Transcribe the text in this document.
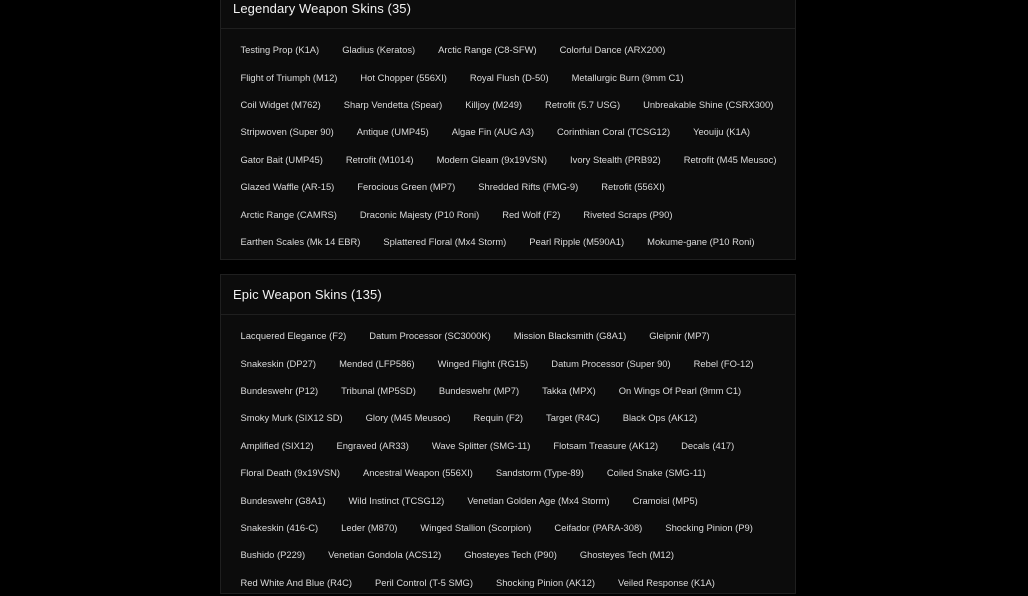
Legendary Weapon Skins (35)
Testing Prop (K1A)	Gladius (Keratos)	Arctic Range (C8-SFW)	Colorful Dance (ARX200)
Flight of Triumph (M12)	Hot Chopper (556XI)	Royal Flush (D-50)	Metallurgic Burn (9mm C1)
Coil Widget (M762)	Sharp Vendetta (Spear)	Killjoy (M249)	Retrofit (5.7 USG)	Unbreakable Shine (CSRX300)
Stripwoven (Super 90)	Antique (UMP45)	Algae Fin (AUG A3)	Corinthian Coral (TCSG12)	Yeouiju (K1A)
Gator Bait (UMP45)	Retrofit (M1014)	Modern Gleam (9x19VSN)	Ivory Stealth (PRB92)	Retrofit (M45 Meusoc)
Glazed Waffle (AR-15)	Ferocious Green (MP7)	Shredded Rifts (FMG-9)	Retrofit (556XI)
Arctic Range (CAMRS)	Draconic Majesty (P10 Roni)	Red Wolf (F2)	Riveted Scraps (P90)
Earthen Scales (Mk 14 EBR)	Splattered Floral (Mx4 Storm)	Pearl Ripple (M590A1)	Mokume-gane (P10 Roni)
Epic Weapon Skins (135)
Lacquered Elegance (F2)	Datum Processor (SC3000K)	Mission Blacksmith (G8A1)	Gleipnir (MP7)
Snakeskin (DP27)	Mended (LFP586)	Winged Flight (RG15)	Datum Processor (Super 90)	Rebel (FO-12)
Bundeswehr (P12)	Tribunal (MP5SD)	Bundeswehr (MP7)	Takka (MPX)	On Wings Of Pearl (9mm C1)
Smoky Murk (SIX12 SD)	Glory (M45 Meusoc)	Requin (F2)	Target (R4C)	Black Ops (AK12)
Amplified (SIX12)	Engraved (AR33)	Wave Splitter (SMG-11)	Flotsam Treasure (AK12)	Decals (417)
Floral Death (9x19VSN)	Ancestral Weapon (556XI)	Sandstorm (Type-89)	Coiled Snake (SMG-11)
Bundeswehr (G8A1)	Wild Instinct (TCSG12)	Venetian Golden Age (Mx4 Storm)	Cramoisi (MP5)
Snakeskin (416-C)	Leder (M870)	Winged Stallion (Scorpion)	Ceifador (PARA-308)	Shocking Pinion (P9)
Bushido (P229)	Venetian Gondola (ACS12)	Ghosteyes Tech (P90)	Ghosteyes Tech (M12)
Red White And Blue (R4C)	Peril Control (T-5 SMG)	Shocking Pinion (AK12)	Veiled Response (K1A)
